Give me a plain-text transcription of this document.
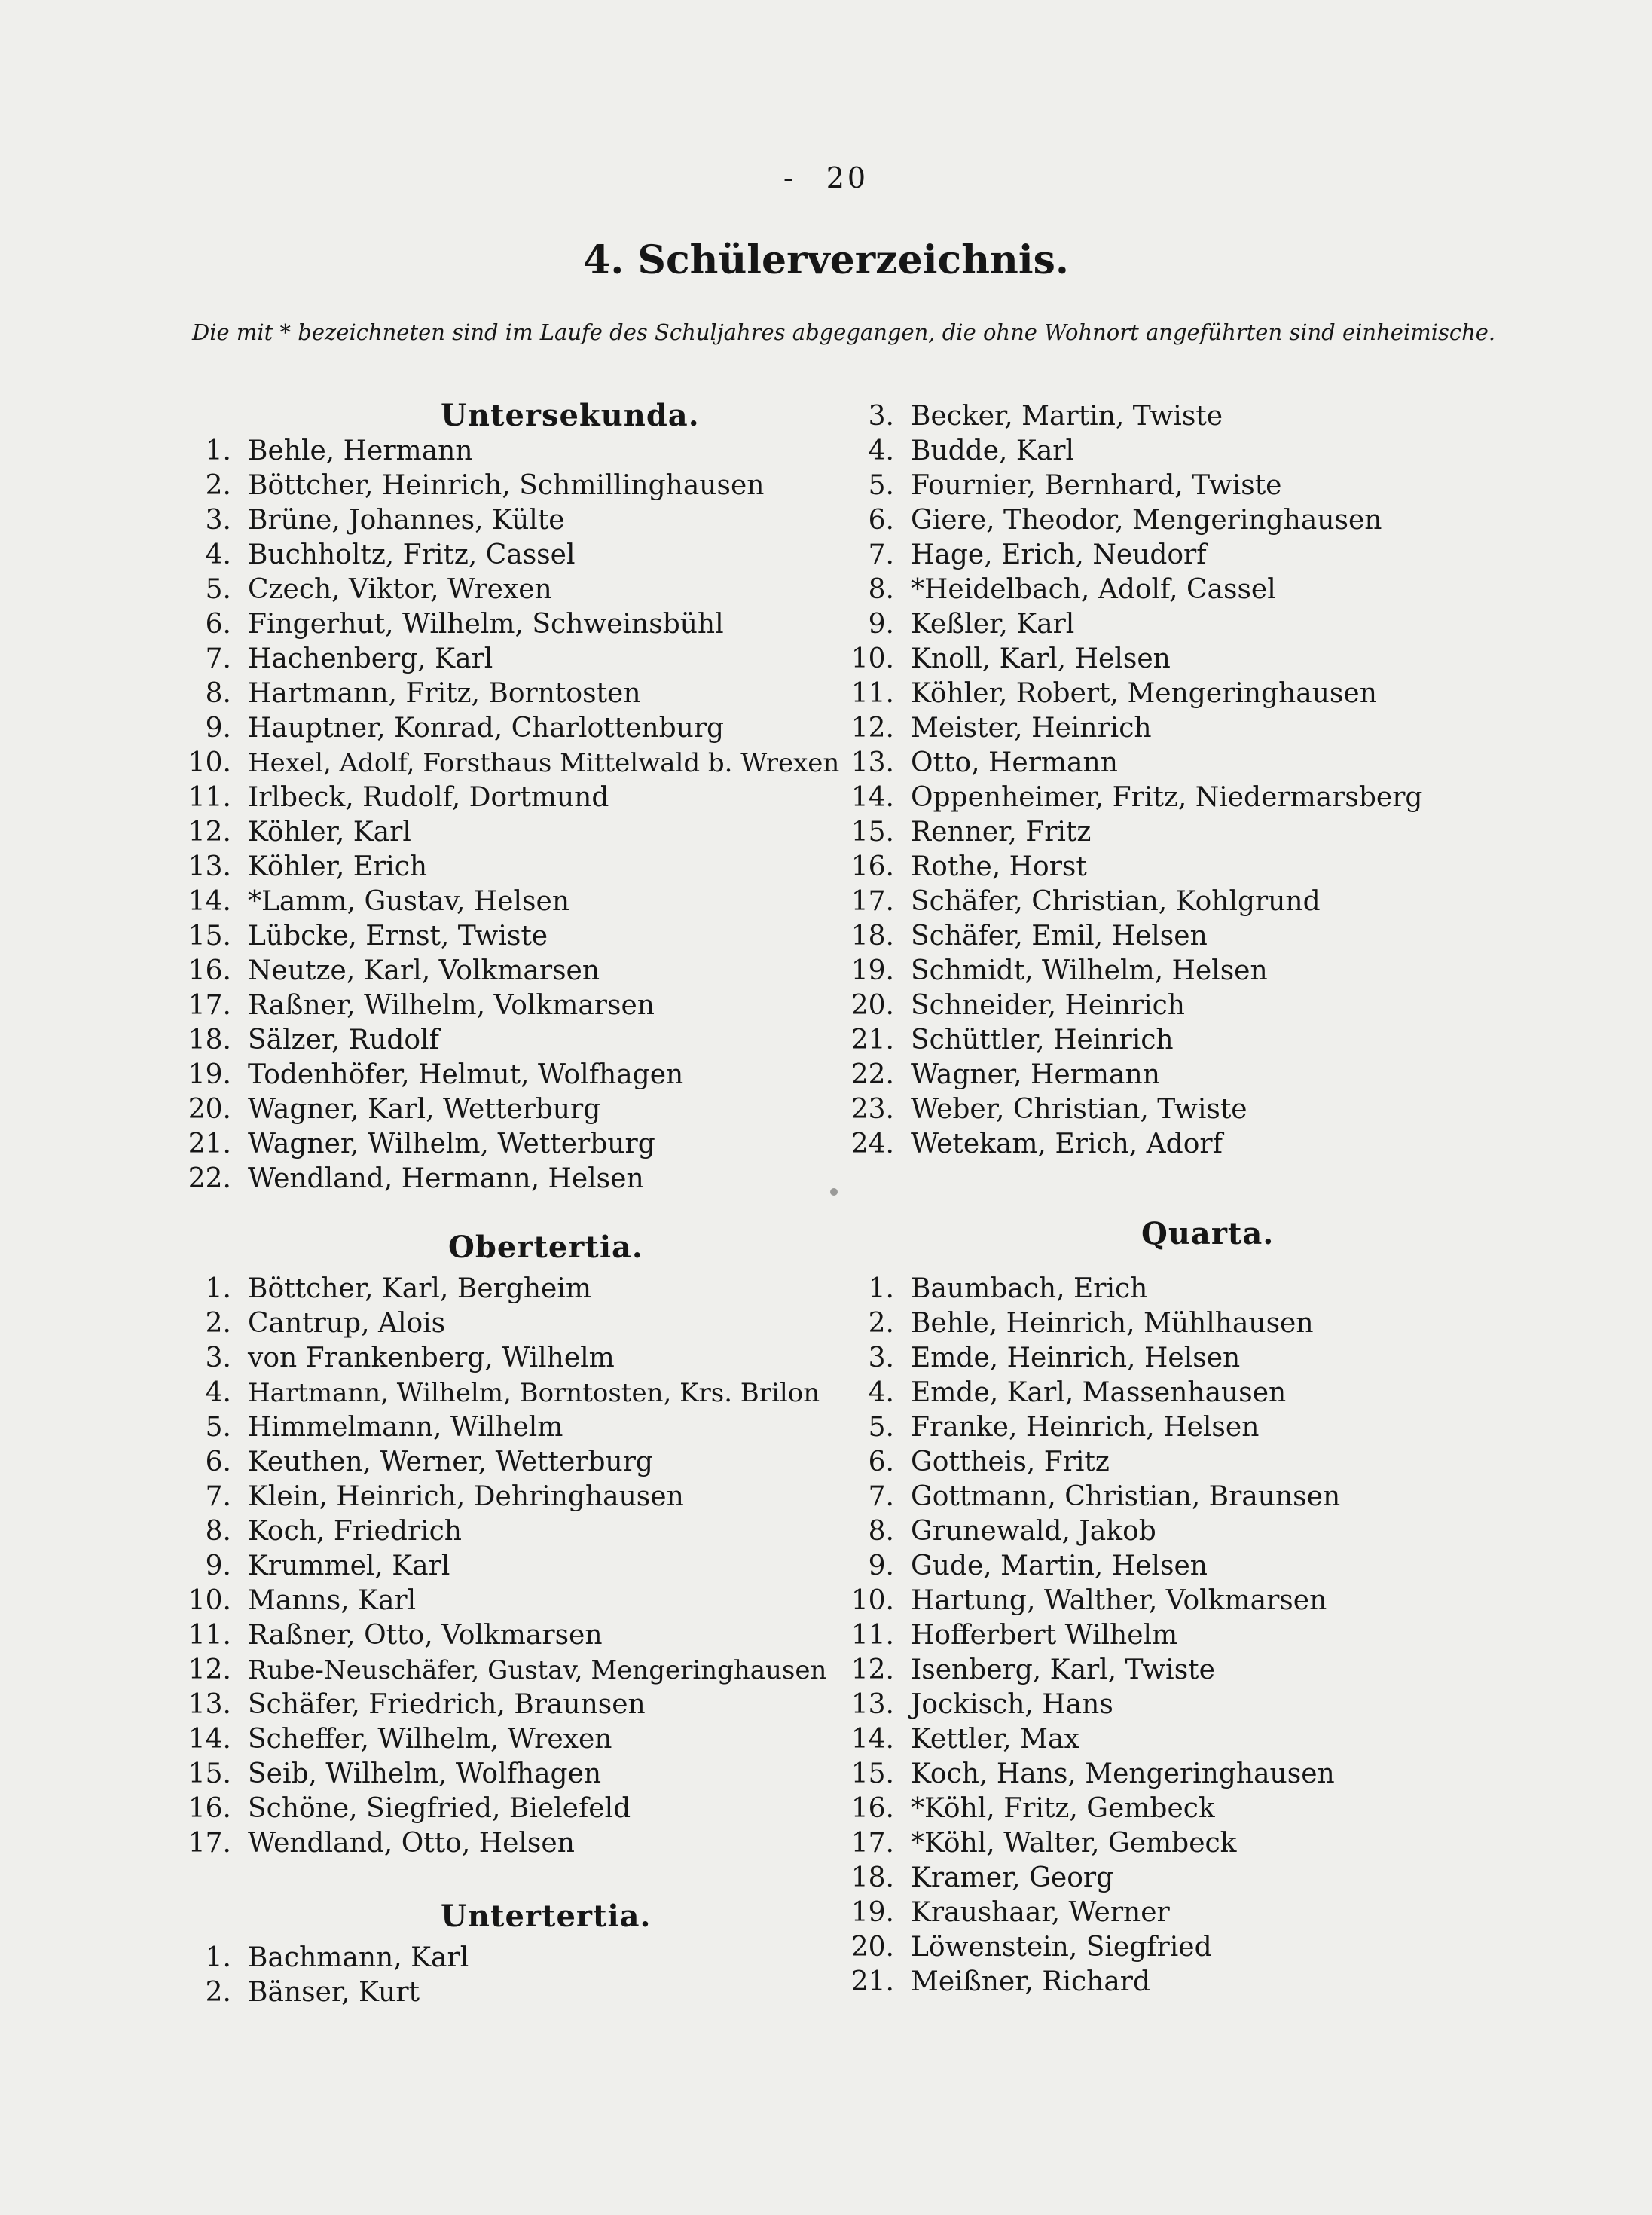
- 20
4. Schülerverzeichnis.
Die mit * bezeichneten sind im Laufe des Schuljahres abgegangen, die ohne Wohnort angeführten sind einheimische.
Untersekunda.
1. Behle, Hermann
2. Böttcher, Heinrich, Schmillinghausen
3. Brüne, Johannes, Külte
4. Buchholtz, Fritz, Cassel
5. Czech, Viktor, Wrexen
6. Fingerhut, Wilhelm, Schweinsbühl
7. Hachenberg, Karl
8. Hartmann, Fritz, Borntosten
9. Hauptner, Konrad, Charlottenburg
10. Hexel, Adolf, Forsthaus Mittelwald b. Wrexen
11. Irlbeck, Rudolf, Dortmund
12. Köhler, Karl
13. Köhler, Erich
14. *Lamm, Gustav, Helsen
15. Lübcke, Ernst, Twiste
16. Neutze, Karl, Volkmarsen
17. Raßner, Wilhelm, Volkmarsen
18. Sälzer, Rudolf
19. Todenhöfer, Helmut, Wolfhagen
20. Wagner, Karl, Wetterburg
21. Wagner, Wilhelm, Wetterburg
22. Wendland, Hermann, Helsen
Obertertia.
1. Böttcher, Karl, Bergheim
2. Cantrup, Alois
3. von Frankenberg, Wilhelm
4. Hartmann, Wilhelm, Borntosten, Krs. Brilon
5. Himmelmann, Wilhelm
6. Keuthen, Werner, Wetterburg
7. Klein, Heinrich, Dehringhausen
8. Koch, Friedrich
9. Krummel, Karl
10. Manns, Karl
11. Raßner, Otto, Volkmarsen
12. Rube-Neuschäfer, Gustav, Mengeringhausen
13. Schäfer, Friedrich, Braunsen
14. Scheffer, Wilhelm, Wrexen
15. Seib, Wilhelm, Wolfhagen
16. Schöne, Siegfried, Bielefeld
17. Wendland, Otto, Helsen
Untertertia.
1. Bachmann, Karl
2. Bänser, Kurt
3. Becker, Martin, Twiste
4. Budde, Karl
5. Fournier, Bernhard, Twiste
6. Giere, Theodor, Mengeringhausen
7. Hage, Erich, Neudorf
8. *Heidelbach, Adolf, Cassel
9. Keßler, Karl
10. Knoll, Karl, Helsen
11. Köhler, Robert, Mengeringhausen
12. Meister, Heinrich
13. Otto, Hermann
14. Oppenheimer, Fritz, Niedermarsberg
15. Renner, Fritz
16. Rothe, Horst
17. Schäfer, Christian, Kohlgrund
18. Schäfer, Emil, Helsen
19. Schmidt, Wilhelm, Helsen
20. Schneider, Heinrich
21. Schüttler, Heinrich
22. Wagner, Hermann
23. Weber, Christian, Twiste
24. Wetekam, Erich, Adorf
Quarta.
1. Baumbach, Erich
2. Behle, Heinrich, Mühlhausen
3. Emde, Heinrich, Helsen
4. Emde, Karl, Massenhausen
5. Franke, Heinrich, Helsen
6. Gottheis, Fritz
7. Gottmann, Christian, Braunsen
8. Grunewald, Jakob
9. Gude, Martin, Helsen
10. Hartung, Walther, Volkmarsen
11. Hofferbert Wilhelm
12. Isenberg, Karl, Twiste
13. Jockisch, Hans
14. Kettler, Max
15. Koch, Hans, Mengeringhausen
16. *Köhl, Fritz, Gembeck
17. *Köhl, Walter, Gembeck
18. Kramer, Georg
19. Kraushaar, Werner
20. Löwenstein, Siegfried
21. Meißner, Richard
